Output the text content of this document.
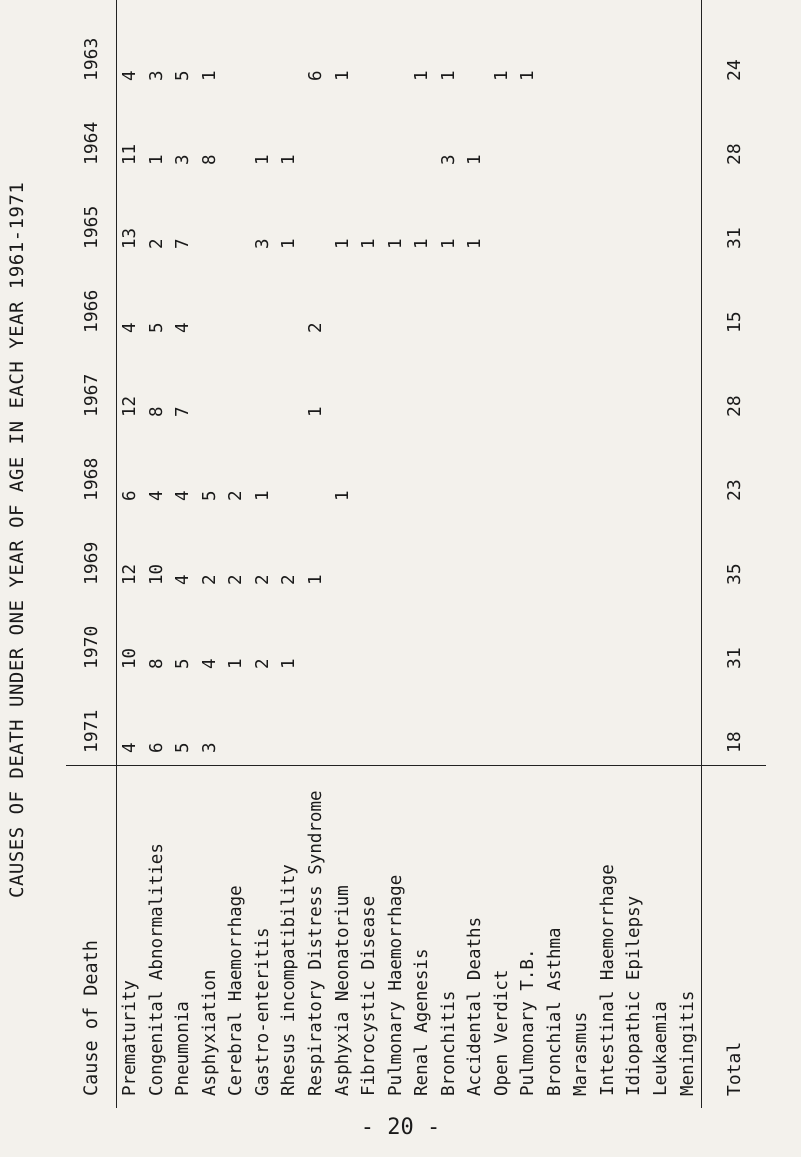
CAUSES OF DEATH UNDER ONE YEAR OF AGE IN EACH YEAR 1961-1971
Cause of Death	1971	1970	1969	1968	1967	1966	1965	1964	1963		
Prematurity	4	10	12	6	12	4	13	11	4		
Congenital Abnormalities	6	8	10	4	8	5	2	1	3		
Pneumonia	5	5	4	4	7	4	7	3	5		
Asphyxiation	3	4	2	5				8	1		
Cerebral Haemorrhage		1	2	2							
Gastro-enteritis		2	2	1			3	1			
Rhesus incompatibility		1	2				1	1			
Respiratory Distress Syndrome			1		1	2			6		
Asphyxia Neonatorium				1			1		1		
Fibrocystic Disease							1				
Pulmonary Haemorrhage							1				
Renal Agenesis							1		1		
Bronchitis							1	3	1		
Accidental Deaths							1	1			
Open Verdict									1		
Pulmonary T.B.									1		
Bronchial Asthma											
Marasmus											
Intestinal Haemorrhage											
Idiopathic Epilepsy											
Leukaemia											
Meningitis											
Total	18	31	35	23	28	15	31	28	24		
- 20 -
